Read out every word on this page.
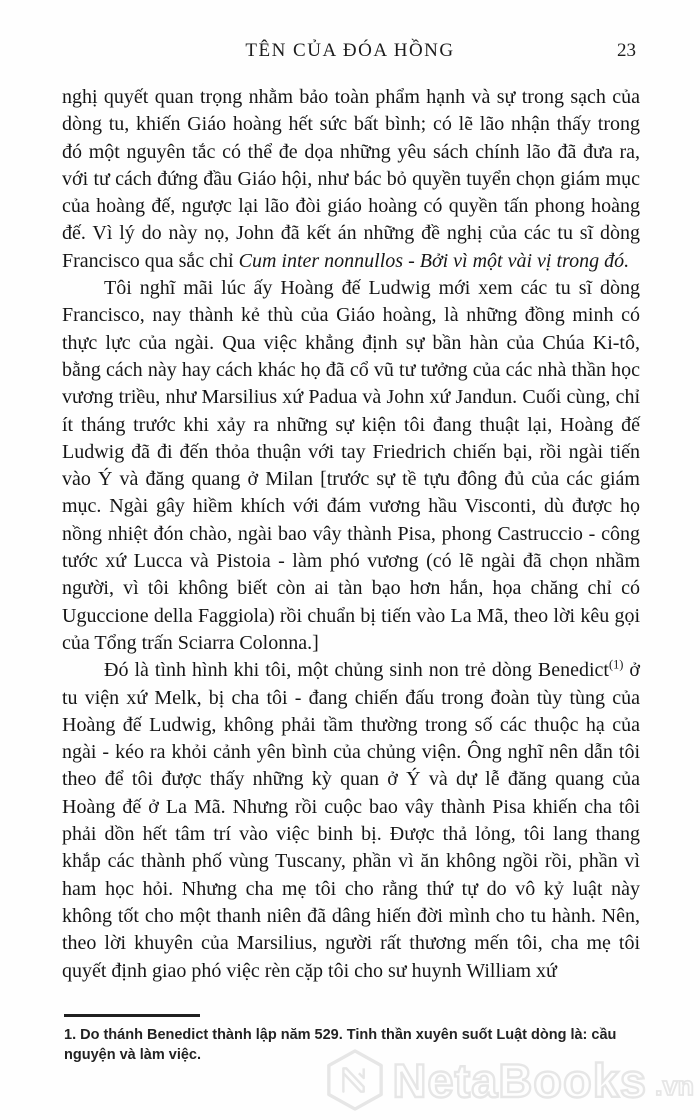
TÊN CỦA ĐÓA HỒNG	23

nghị quyết quan trọng nhằm bảo toàn phẩm hạnh và sự trong sạch của dòng tu, khiến Giáo hoàng hết sức bất bình; có lẽ lão nhận thấy trong đó một nguyên tắc có thể đe dọa những yêu sách chính lão đã đưa ra, với tư cách đứng đầu Giáo hội, như bác bỏ quyền tuyển chọn giám mục của hoàng đế, ngược lại lão đòi giáo hoàng có quyền tấn phong hoàng đế. Vì lý do này nọ, John đã kết án những đề nghị của các tu sĩ dòng Francisco qua sắc chỉ Cum inter nonnullos - Bởi vì một vài vị trong đó.

Tôi nghĩ mãi lúc ấy Hoàng đế Ludwig mới xem các tu sĩ dòng Francisco, nay thành kẻ thù của Giáo hoàng, là những đồng minh có thực lực của ngài. Qua việc khẳng định sự bần hàn của Chúa Ki-tô, bằng cách này hay cách khác họ đã cổ vũ tư tưởng của các nhà thần học vương triều, như Marsilius xứ Padua và John xứ Jandun. Cuối cùng, chỉ ít tháng trước khi xảy ra những sự kiện tôi đang thuật lại, Hoàng đế Ludwig đã đi đến thỏa thuận với tay Friedrich chiến bại, rồi ngài tiến vào Ý và đăng quang ở Milan [trước sự tề tựu đông đủ của các giám mục. Ngài gây hiềm khích với đám vương hầu Visconti, dù được họ nồng nhiệt đón chào, ngài bao vây thành Pisa, phong Castruccio - công tước xứ Lucca và Pistoia - làm phó vương (có lẽ ngài đã chọn nhầm người, vì tôi không biết còn ai tàn bạo hơn hắn, họa chăng chỉ có Uguccione della Faggiola) rồi chuẩn bị tiến vào La Mã, theo lời kêu gọi của Tổng trấn Sciarra Colonna.]

Đó là tình hình khi tôi, một chủng sinh non trẻ dòng Benedict$^{(1)}$ ở tu viện xứ Melk, bị cha tôi - đang chiến đấu trong đoàn tùy tùng của Hoàng đế Ludwig, không phải tầm thường trong số các thuộc hạ của ngài - kéo ra khỏi cảnh yên bình của chủng viện. Ông nghĩ nên dẫn tôi theo để tôi được thấy những kỳ quan ở Ý và dự lễ đăng quang của Hoàng đế ở La Mã. Nhưng rồi cuộc bao vây thành Pisa khiến cha tôi phải dồn hết tâm trí vào việc binh bị. Được thả lỏng, tôi lang thang khắp các thành phố vùng Tuscany, phần vì ăn không ngồi rồi, phần vì ham học hỏi. Nhưng cha mẹ tôi cho rằng thứ tự do vô kỷ luật này không tốt cho một thanh niên đã dâng hiến đời mình cho tu hành. Nên, theo lời khuyên của Marsilius, người rất thương mến tôi, cha mẹ tôi quyết định giao phó việc rèn cặp tôi cho sư huynh William xứ

1. Do thánh Benedict thành lập năm 529. Tinh thần xuyên suốt Luật dòng là: cầu nguyện và làm việc.	NetaBooks .vn
